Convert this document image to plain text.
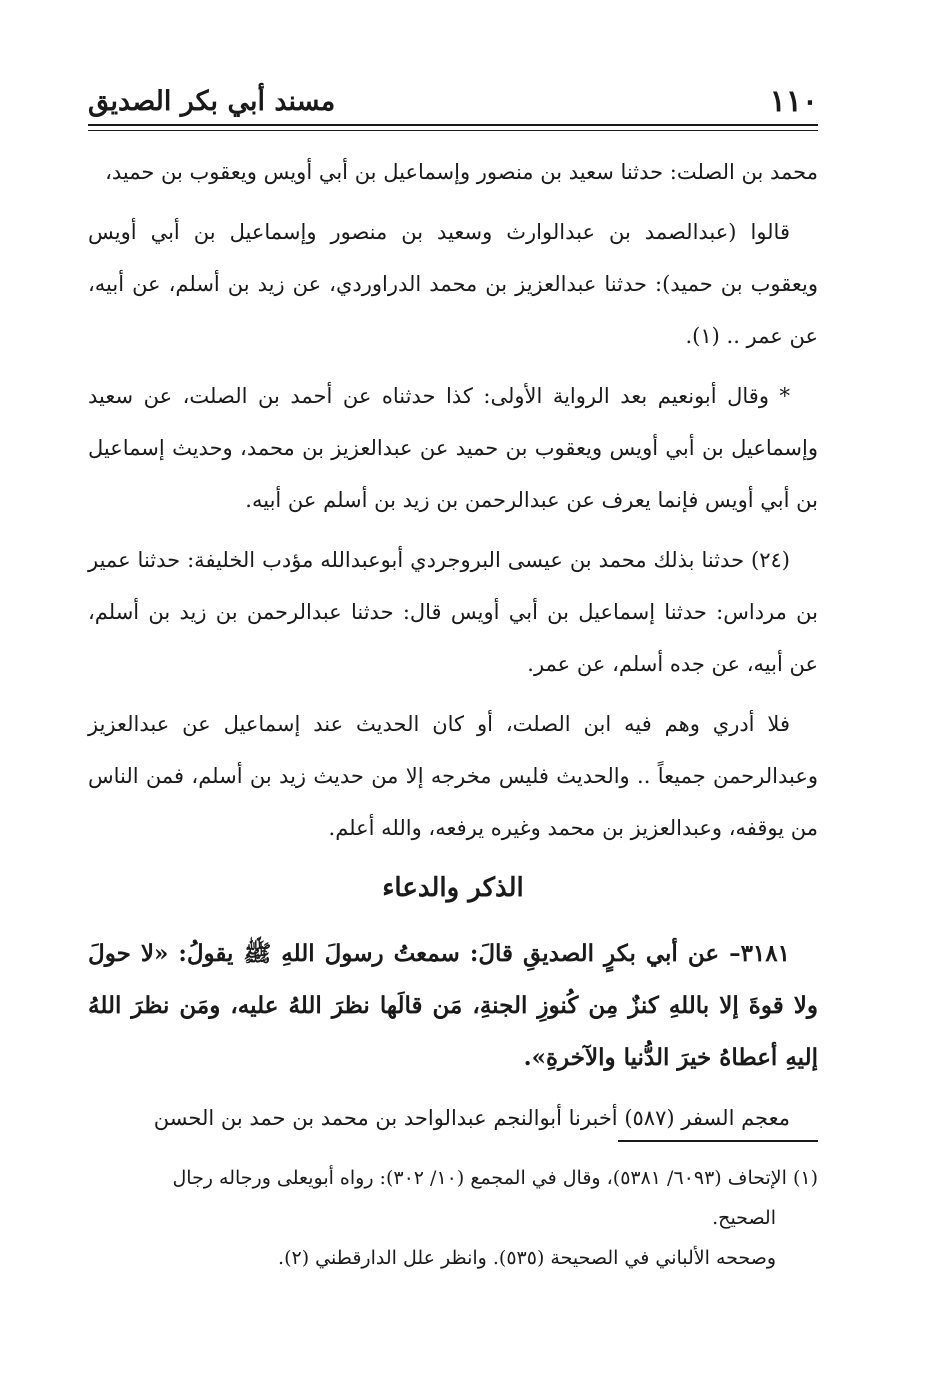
١١٠
مسند أبي بكر الصديق

محمد بن الصلت: حدثنا سعيد بن منصور وإسماعيل بن أبي أويس ويعقوب بن حميد،

قالوا (عبدالصمد بن عبدالوارث وسعيد بن منصور وإسماعيل بن أبي أويس ويعقوب بن حميد): حدثنا عبدالعزيز بن محمد الدراوردي، عن زيد بن أسلم، عن أبيه، عن عمر .. (١).

* وقال أبونعيم بعد الرواية الأولى: كذا حدثناه عن أحمد بن الصلت، عن سعيد وإسماعيل بن أبي أويس ويعقوب بن حميد عن عبدالعزيز بن محمد، وحديث إسماعيل بن أبي أويس فإنما يعرف عن عبدالرحمن بن زيد بن أسلم عن أبيه.

(٢٤) حدثنا بذلك محمد بن عيسى البروجردي أبوعبدالله مؤدب الخليفة: حدثنا عمير بن مرداس: حدثنا إسماعيل بن أبي أويس قال: حدثنا عبدالرحمن بن زيد بن أسلم، عن أبيه، عن جده أسلم، عن عمر.

فلا أدري وهم فيه ابن الصلت، أو كان الحديث عند إسماعيل عن عبدالعزيز وعبدالرحمن جميعاً .. والحديث فليس مخرجه إلا من حديث زيد بن أسلم، فمن الناس من يوقفه، وعبدالعزيز بن محمد وغيره يرفعه، والله أعلم.

الذكر والدعاء

٣١٨١– عن أبي بكرٍ الصديقِ قالَ: سمعتُ رسولَ اللهِ ﷺ يقولُ: «لا حولَ ولا قوةَ إلا باللهِ كنزٌ مِن كُنوزِ الجنةِ، مَن قالَها نظرَ اللهُ عليه، ومَن نظرَ اللهُ إليهِ أعطاهُ خيرَ الدُّنيا والآخرةِ».

معجم السفر (٥٨٧) أخبرنا أبوالنجم عبدالواحد بن محمد بن حمد بن الحسن

(١) الإتحاف (٦٠٩٣/ ٥٣٨١)، وقال في المجمع (١٠/ ٣٠٢): رواه أبويعلى ورجاله رجال

الصحيح.

وصححه الألباني في الصحيحة (٥٣٥). وانظر علل الدارقطني (٢).
